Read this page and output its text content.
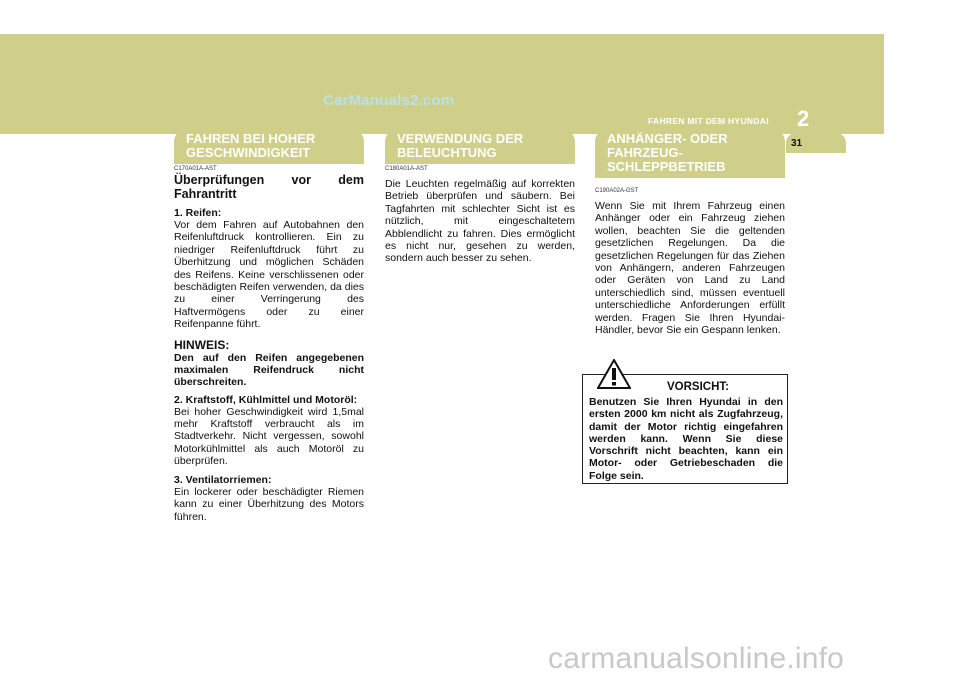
CarManuals2.com
FAHREN MIT DEM HYUNDAI 2
31
FAHREN BEI HOHER GESCHWINDIGKEIT
C170A01A-AST
Überprüfungen vor dem Fahrantritt
1. Reifen:
Vor dem Fahren auf Autobahnen den Reifenluftdruck kontrollieren. Ein zu niedriger Reifenluftdruck führt zu Überhitzung und möglichen Schäden des Reifens. Keine verschlissenen oder beschädigten Reifen verwenden, da dies zu einer Verringerung des Haftvermögens oder zu einer Reifenpanne führt.
HINWEIS:
Den auf den Reifen angegebenen maximalen Reifendruck nicht überschreiten.
2. Kraftstoff, Kühlmittel und Motoröl:
Bei hoher Geschwindigkeit wird 1,5mal mehr Kraftstoff verbraucht als im Stadtverkehr. Nicht vergessen, sowohl Motorkühlmittel als auch Motoröl zu überprüfen.
3. Ventilatorriemen:
Ein lockerer oder beschädigter Riemen kann zu einer Überhitzung des Motors führen.
VERWENDUNG DER BELEUCHTUNG
C180A01A-AST
Die Leuchten regelmäßig auf korrekten Betrieb überprüfen und säubern. Bei Tagfahrten mit schlechter Sicht ist es nützlich, mit eingeschaltetem Abblendlicht zu fahren. Dies ermöglicht es nicht nur, gesehen zu werden, sondern auch besser zu sehen.
ANHÄNGER- ODER FAHRZEUG-SCHLEPPBETRIEB
C190A02A-GST
Wenn Sie mit Ihrem Fahrzeug einen Anhänger oder ein Fahrzeug ziehen wollen, beachten Sie die geltenden gesetzlichen Regelungen. Da die gesetzlichen Regelungen für das Ziehen von Anhängern, anderen Fahrzeugen oder Geräten von Land zu Land unterschiedlich sind, müssen eventuell unterschiedliche Anforderungen erfüllt werden. Fragen Sie Ihren Hyundai-Händler, bevor Sie ein Gespann lenken.
VORSICHT:
Benutzen Sie Ihren Hyundai in den ersten 2000 km nicht als Zugfahrzeug, damit der Motor richtig eingefahren werden kann. Wenn Sie diese Vorschrift nicht beachten, kann ein Motor- oder Getriebeschaden die Folge sein.
carmanualsonline.info
